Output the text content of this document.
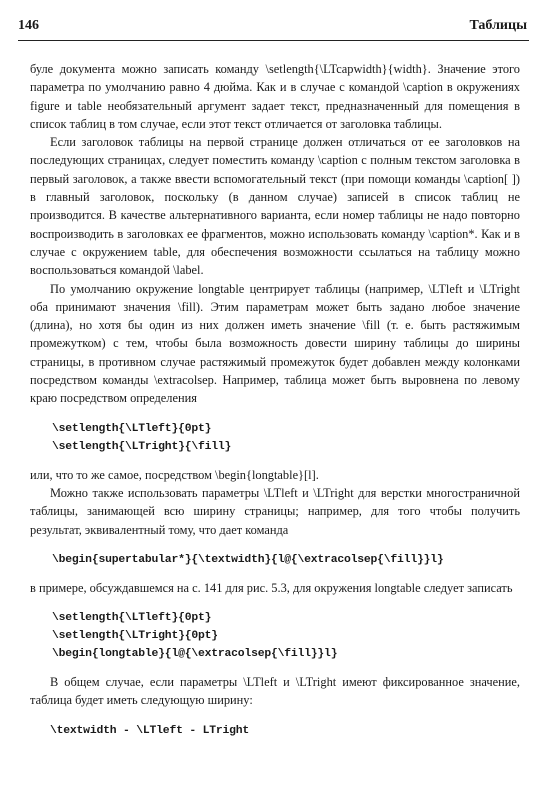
146	Таблицы

буле документа можно записать команду \setlength{\LTcapwidth}{width}. Значение этого параметра по умолчанию равно 4 дюйма. Как и в случае с командой \caption в окружениях figure и table необязательный аргумент задает текст, предназначенный для помещения в список таблиц в том случае, если этот текст отличается от заголовка таблицы.

Если заголовок таблицы на первой странице должен отличаться от ее заголовков на последующих страницах, следует поместить команду \caption с полным текстом заголовка в первый заголовок, а также ввести вспомогательный текст (при помощи команды \caption[ ]) в главный заголовок, поскольку (в данном случае) записей в список таблиц не производится. В качестве альтернативного варианта, если номер таблицы не надо повторно воспроизводить в заголовках ее фрагментов, можно использовать команду \caption*. Как и в случае с окружением table, для обеспечения возможности ссылаться на таблицу можно воспользоваться командой \label.

По умолчанию окружение longtable центрирует таблицы (например, \LTleft и \LTright оба принимают значения \fill). Этим параметрам может быть задано любое значение (длина), но хотя бы один из них должен иметь значение \fill (т. е. быть растяжимым промежутком) с тем, чтобы была возможность довести ширину таблицы до ширины страницы, в противном случае растяжимый промежуток будет добавлен между колонками посредством команды \extracolsep. Например, таблица может быть выровнена по левому краю посредством определения

\setlength{\LTleft}{0pt}
\setlength{\LTright}{\fill}

или, что то же самое, посредством \begin{longtable}[l].

Можно также использовать параметры \LTleft и \LTright для верстки многостраничной таблицы, занимающей всю ширину страницы; например, для того чтобы получить результат, эквивалентный тому, что дает команда

\begin{supertabular*}{\textwidth}{l@{\extracolsep{\fill}}l}

в примере, обсуждавшемся на с. 141 для рис. 5.3, для окружения longtable следует записать

\setlength{\LTleft}{0pt}
\setlength{\LTright}{0pt}
\begin{longtable}{l@{\extracolsep{\fill}}l}

В общем случае, если параметры \LTleft и \LTright имеют фиксированное значение, таблица будет иметь следующую ширину:

\textwidth - \LTleft - LTright
